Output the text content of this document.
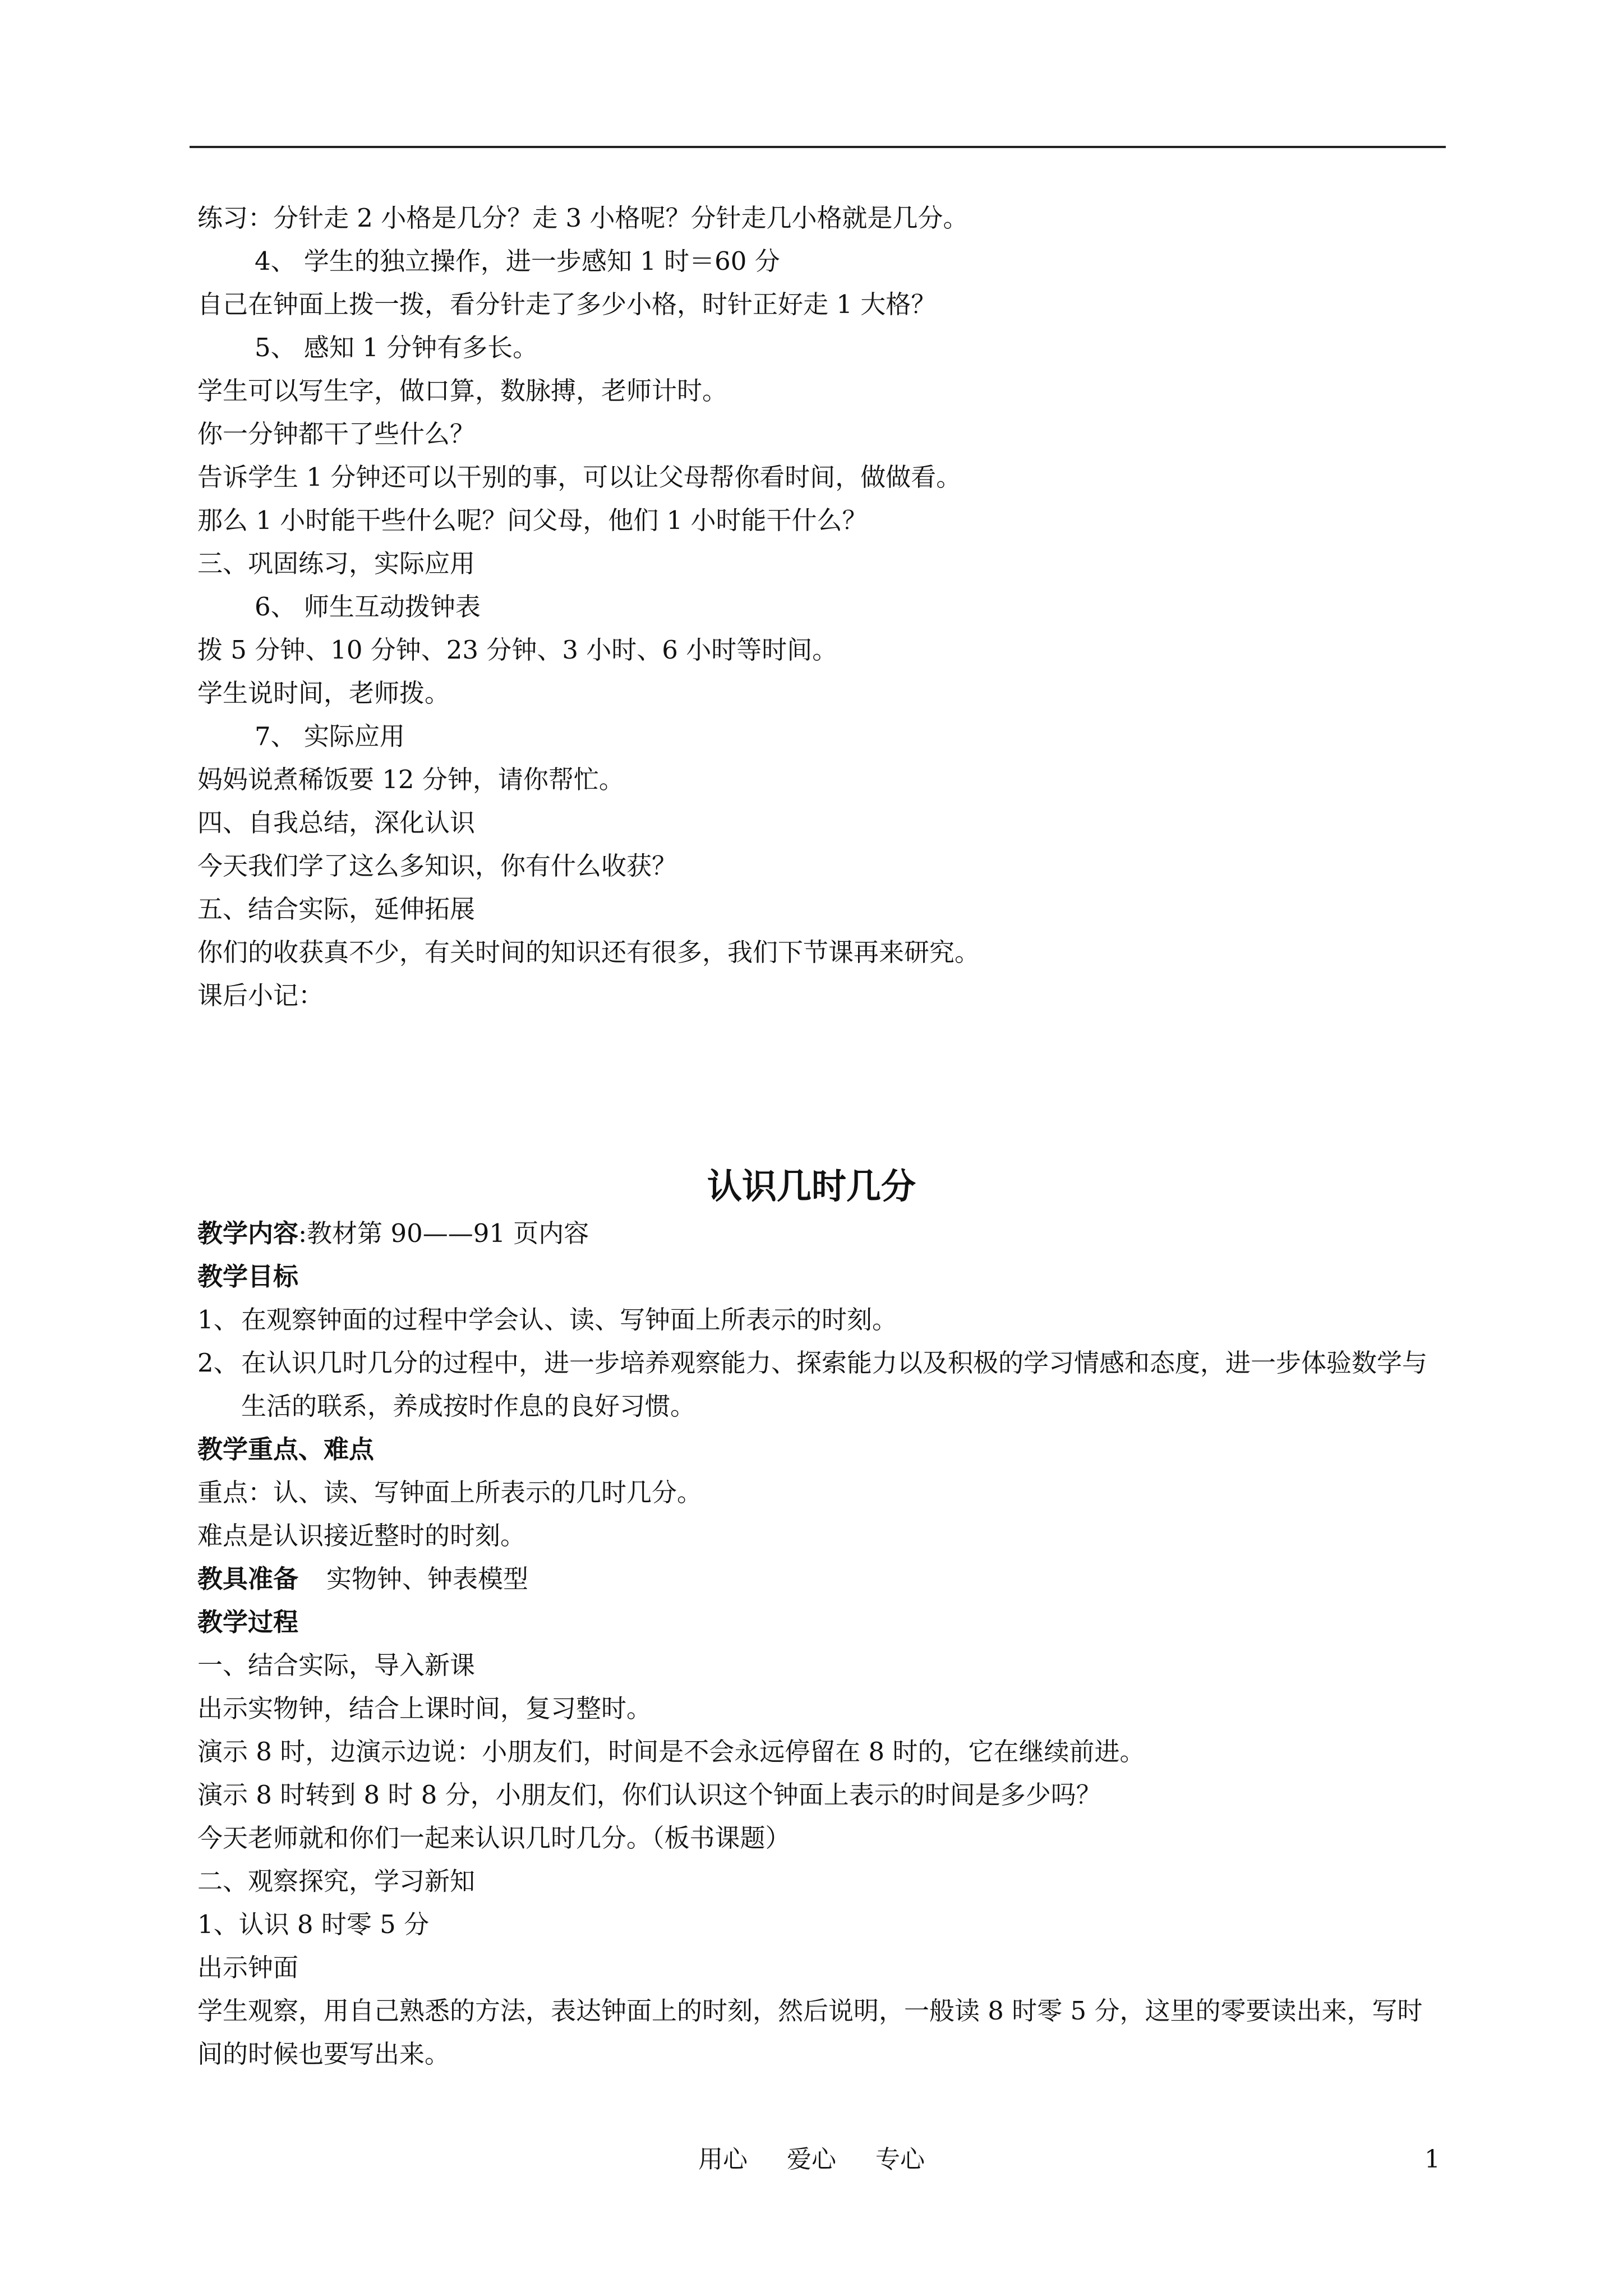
练习：分针走 2 小格是几分？走 3 小格呢？分针走几小格就是几分。
4、 学生的独立操作，进一步感知 1 时＝60 分
自己在钟面上拨一拨，看分针走了多少小格，时针正好走 1 大格？
5、 感知 1 分钟有多长。
学生可以写生字，做口算，数脉搏，老师计时。
你一分钟都干了些什么？
告诉学生 1 分钟还可以干别的事，可以让父母帮你看时间，做做看。
那么 1 小时能干些什么呢？问父母，他们 1 小时能干什么？
三、巩固练习，实际应用
6、 师生互动拨钟表
拨 5 分钟、10 分钟、23 分钟、3 小时、6 小时等时间。
学生说时间，老师拨。
7、 实际应用
妈妈说煮稀饭要 12 分钟，请你帮忙。
四、自我总结，深化认识
今天我们学了这么多知识，你有什么收获？
五、结合实际，延伸拓展
你们的收获真不少，有关时间的知识还有很多，我们下节课再来研究。
课后小记：
认识几时几分
教学内容:教材第 90——91 页内容
教学目标
1、 在观察钟面的过程中学会认、读、写钟面上所表示的时刻。
2、 在认识几时几分的过程中，进一步培养观察能力、探索能力以及积极的学习情感和态度，进一步体验数学与生活的联系，养成按时作息的良好习惯。
教学重点、难点
重点：认、读、写钟面上所表示的几时几分。
难点是认识接近整时的时刻。
教具准备 实物钟、钟表模型
教学过程
一、结合实际，导入新课
出示实物钟，结合上课时间，复习整时。
演示 8 时，边演示边说：小朋友们，时间是不会永远停留在 8 时的，它在继续前进。
演示 8 时转到 8 时 8 分，小朋友们，你们认识这个钟面上表示的时间是多少吗？
今天老师就和你们一起来认识几时几分。（板书课题）
二、观察探究，学习新知
1、认识 8 时零 5 分
出示钟面
学生观察，用自己熟悉的方法，表达钟面上的时刻，然后说明，一般读 8 时零 5 分，这里的零要读出来，写时间的时候也要写出来。
用心 爱心 专心	1
